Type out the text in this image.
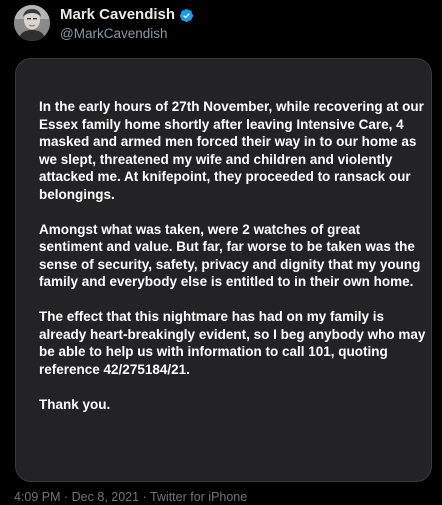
Mark Cavendish
@MarkCavendish

In the early hours of 27th November, while recovering at our Essex family home shortly after leaving Intensive Care, 4 masked and armed men forced their way in to our home as we slept, threatened my wife and children and violently attacked me. At knifepoint, they proceeded to ransack our belongings.

Amongst what was taken, were 2 watches of great sentiment and value. But far, far worse to be taken was the sense of security, safety, privacy and dignity that my young family and everybody else is entitled to in their own home.

The effect that this nightmare has had on my family is already heart-breakingly evident, so I beg anybody who may be able to help us with information to call 101, quoting reference 42/275184/21.

Thank you.

4:09 PM · Dec 8, 2021 · Twitter for iPhone
